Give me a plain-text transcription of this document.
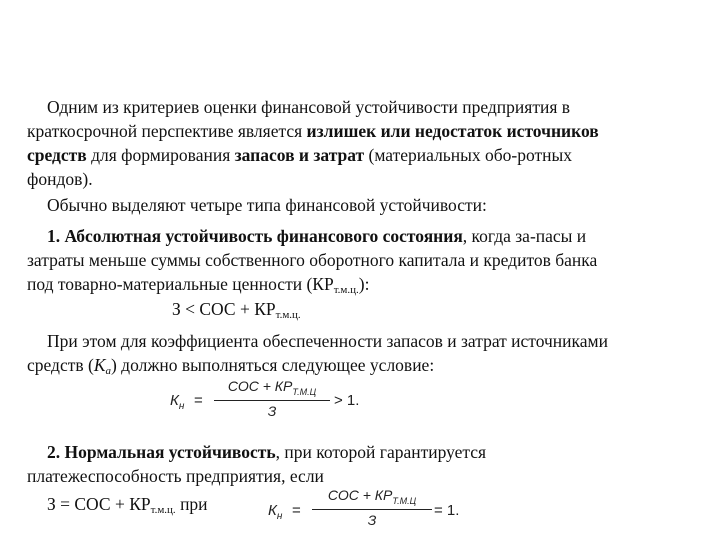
Одним из критериев оценки финансовой устойчивости предприятия в
краткосрочной перспективе является излишек или недостаток источников
средств для формирования запасов и затрат (материальных обо-ротных
фондов).
Обычно выделяют четыре типа финансовой устойчивости:
1. Абсолютная устойчивость финансового состояния, когда за-пасы и
затраты меньше суммы собственного оборотного капитала и кредитов банка
под товарно-материальные ценности $(КР_{т.м.ц.})$:
З < СОС + $КР_{т.м.ц.}$
При этом для коэффициента обеспеченности запасов и затрат источниками
средств $(К_а)$ должно выполняться следующее условие:
$К_н$ =
СОС + $КР_{Т.М.Ц}$
З
> 1.
2. Нормальная устойчивость, при которой гарантируется
платежеспособность предприятия, если
З = СОС + $КР_{т.м.ц.}$ при	$К_н$ =
СОС + $КР_{Т.М.Ц}$
З
= 1.
